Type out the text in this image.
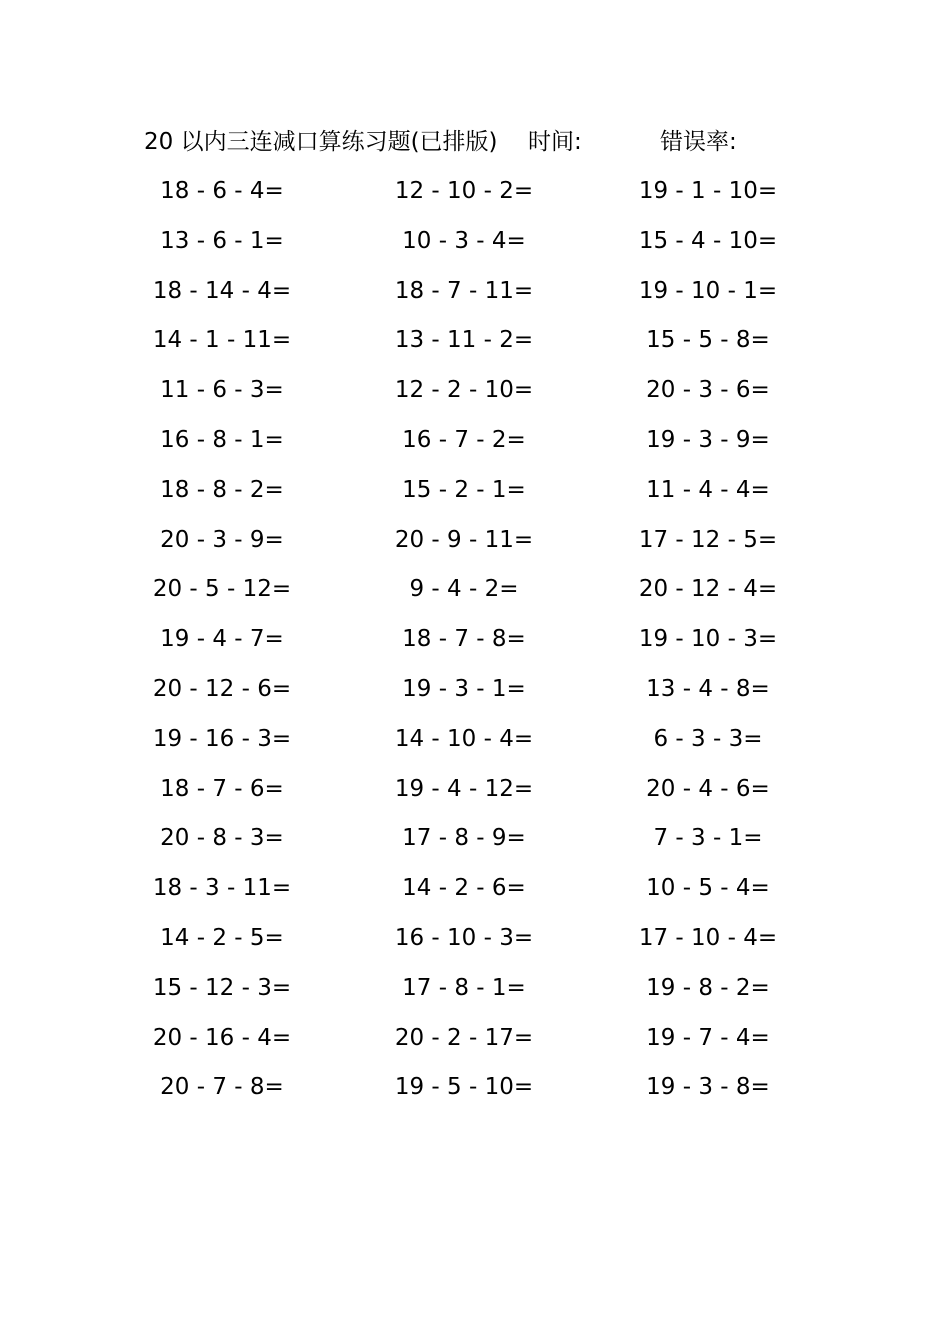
20 以内三连减口算练习题(已排版) 时间:	错误率:
18 - 6 - 4=	12 - 10 - 2=	19 - 1 - 10=
13 - 6 - 1=	10 - 3 - 4=	15 - 4 - 10=
18 - 14 - 4=	18 - 7 - 11=	19 - 10 - 1=
14 - 1 - 11=	13 - 11 - 2=	15 - 5 - 8=
11 - 6 - 3=	12 - 2 - 10=	20 - 3 - 6=
16 - 8 - 1=	16 - 7 - 2=	19 - 3 - 9=
18 - 8 - 2=	15 - 2 - 1=	11 - 4 - 4=
20 - 3 - 9=	20 - 9 - 11=	17 - 12 - 5=
20 - 5 - 12=	9 - 4 - 2=	20 - 12 - 4=
19 - 4 - 7=	18 - 7 - 8=	19 - 10 - 3=
20 - 12 - 6=	19 - 3 - 1=	13 - 4 - 8=
19 - 16 - 3=	14 - 10 - 4=	6 - 3 - 3=
18 - 7 - 6=	19 - 4 - 12=	20 - 4 - 6=
20 - 8 - 3=	17 - 8 - 9=	7 - 3 - 1=
18 - 3 - 11=	14 - 2 - 6=	10 - 5 - 4=
14 - 2 - 5=	16 - 10 - 3=	17 - 10 - 4=
15 - 12 - 3=	17 - 8 - 1=	19 - 8 - 2=
20 - 16 - 4=	20 - 2 - 17=	19 - 7 - 4=
20 - 7 - 8=	19 - 5 - 10=	19 - 3 - 8=
